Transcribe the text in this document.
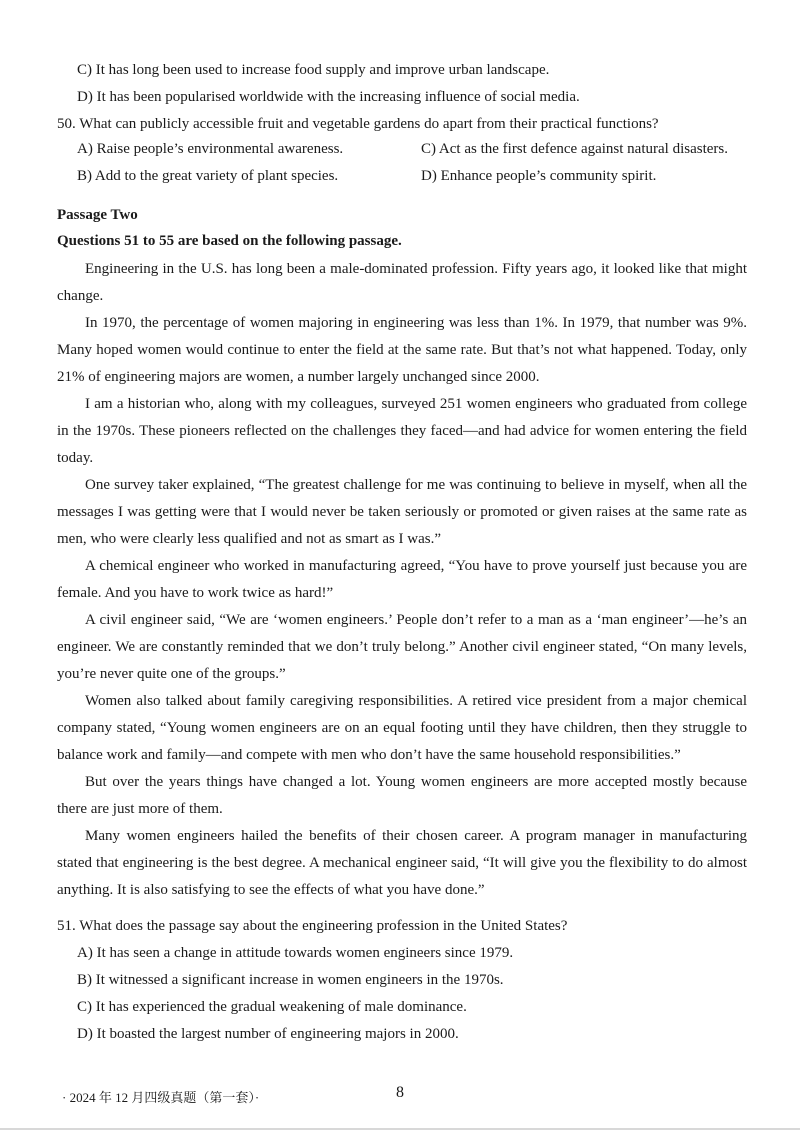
C) It has long been used to increase food supply and improve urban landscape.
D) It has been popularised worldwide with the increasing influence of social media.
50. What can publicly accessible fruit and vegetable gardens do apart from their practical functions?
A) Raise people’s environmental awareness.	C) Act as the first defence against natural disasters.
B) Add to the great variety of plant species.	D) Enhance people’s community spirit.
Passage Two
Questions 51 to 55 are based on the following passage.

Engineering in the U.S. has long been a male-dominated profession. Fifty years ago, it looked like that might change.

In 1970, the percentage of women majoring in engineering was less than 1%. In 1979, that number was 9%. Many hoped women would continue to enter the field at the same rate. But that’s not what happened. Today, only 21% of engineering majors are women, a number largely unchanged since 2000.

I am a historian who, along with my colleagues, surveyed 251 women engineers who graduated from college in the 1970s. These pioneers reflected on the challenges they faced—and had advice for women entering the field today.

One survey taker explained, “The greatest challenge for me was continuing to believe in myself, when all the messages I was getting were that I would never be taken seriously or promoted or given raises at the same rate as men, who were clearly less qualified and not as smart as I was.”

A chemical engineer who worked in manufacturing agreed, “You have to prove yourself just because you are female. And you have to work twice as hard!”

A civil engineer said, “We are ‘women engineers.’ People don’t refer to a man as a ‘man engineer’—he’s an engineer. We are constantly reminded that we don’t truly belong.” Another civil engineer stated, “On many levels, you’re never quite one of the groups.”

Women also talked about family caregiving responsibilities. A retired vice president from a major chemical company stated, “Young women engineers are on an equal footing until they have children, then they struggle to balance work and family—and compete with men who don’t have the same household responsibilities.”

But over the years things have changed a lot. Young women engineers are more accepted mostly because there are just more of them.

Many women engineers hailed the benefits of their chosen career. A program manager in manufacturing stated that engineering is the best degree. A mechanical engineer said, “It will give you the flexibility to do almost anything. It is also satisfying to see the effects of what you have done.”

51. What does the passage say about the engineering profession in the United States?
A) It has seen a change in attitude towards women engineers since 1979.
B) It witnessed a significant increase in women engineers in the 1970s.
C) It has experienced the gradual weakening of male dominance.
D) It boasted the largest number of engineering majors in 2000.
· 2024 年 12 月四级真题（第一套）·	8
